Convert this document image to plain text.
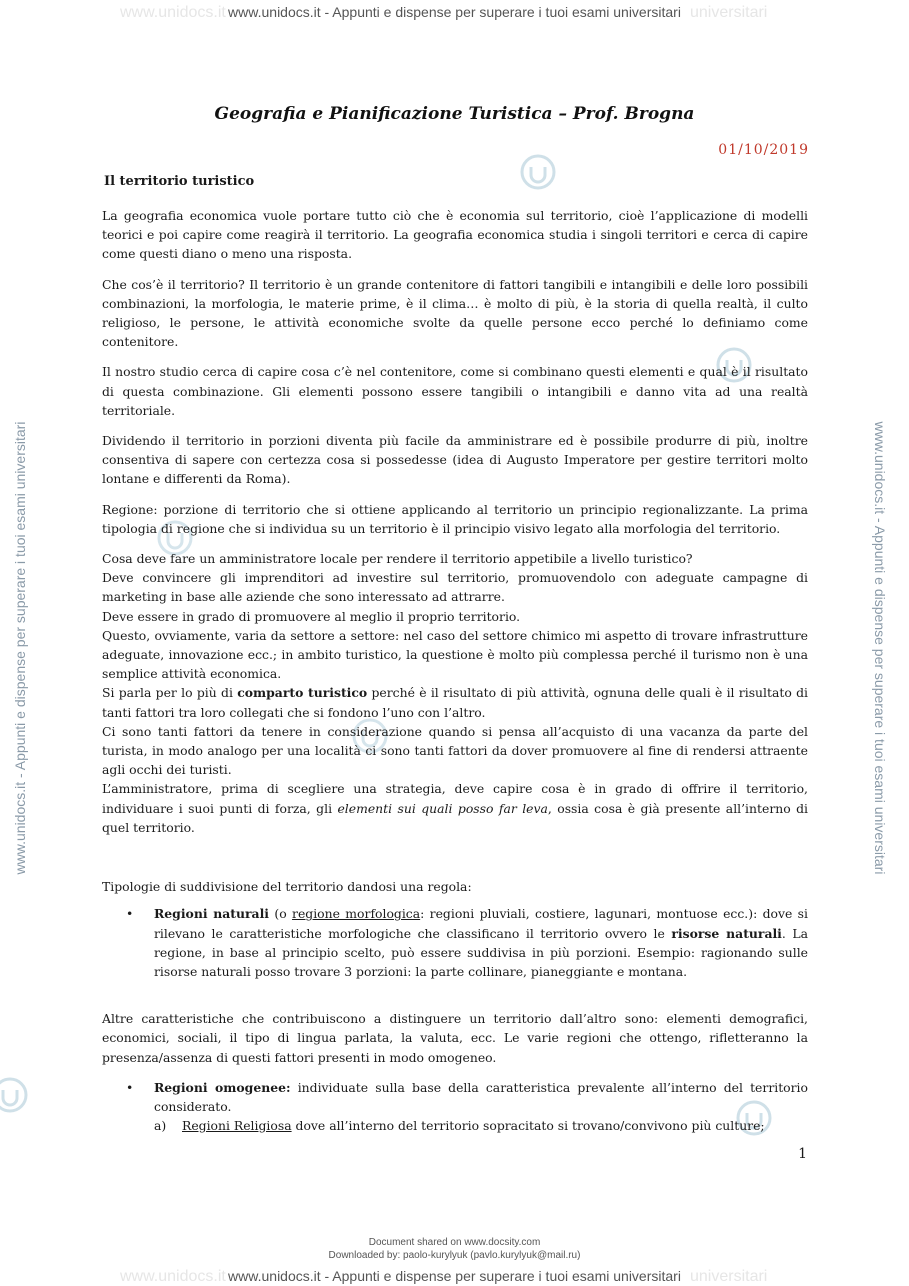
www.unidocs.it	universitari
www.unidocs.it - Appunti e dispense per superare i tuoi esami universitari
www.unidocs.it - Appunti e dispense per superare i tuoi esami universitari	www.unidocs.it - Appunti e dispense per superare i tuoi esami universitari
Geografia e Pianificazione Turistica – Prof. Brogna
01/10/2019
Il territorio turistico

La geografia economica vuole portare tutto ciò che è economia sul territorio, cioè l’applicazione di modelli teorici e poi capire come reagirà il territorio. La geografia economica studia i singoli territori e cerca di capire come questi diano o meno una risposta.

Che cos’è il territorio? Il territorio è un grande contenitore di fattori tangibili e intangibili e delle loro possibili combinazioni, la morfologia, le materie prime, è il clima… è molto di più, è la storia di quella realtà, il culto religioso, le persone, le attività economiche svolte da quelle persone ecco perché lo definiamo come contenitore.

Il nostro studio cerca di capire cosa c’è nel contenitore, come si combinano questi elementi e qual è il risultato di questa combinazione. Gli elementi possono essere tangibili o intangibili e danno vita ad una realtà territoriale.

Dividendo il territorio in porzioni diventa più facile da amministrare ed è possibile produrre di più, inoltre consentiva di sapere con certezza cosa si possedesse (idea di Augusto Imperatore per gestire territori molto lontane e differenti da Roma).

Regione: porzione di territorio che si ottiene applicando al territorio un principio regionalizzante. La prima tipologia di regione che si individua su un territorio è il principio visivo legato alla morfologia del territorio.

Cosa deve fare un amministratore locale per rendere il territorio appetibile a livello turistico?

Deve convincere gli imprenditori ad investire sul territorio, promuovendolo con adeguate campagne di marketing in base alle aziende che sono interessato ad attrarre.

Deve essere in grado di promuovere al meglio il proprio territorio.

Questo, ovviamente, varia da settore a settore: nel caso del settore chimico mi aspetto di trovare infrastrutture adeguate, innovazione ecc.; in ambito turistico, la questione è molto più complessa perché il turismo non è una semplice attività economica.

Si parla per lo più di comparto turistico perché è il risultato di più attività, ognuna delle quali è il risultato di tanti fattori tra loro collegati che si fondono l’uno con l’altro.

Ci sono tanti fattori da tenere in considerazione quando si pensa all’acquisto di una vacanza da parte del turista, in modo analogo per una località ci sono tanti fattori da dover promuovere al fine di rendersi attraente agli occhi dei turisti.

L’amministratore, prima di scegliere una strategia, deve capire cosa è in grado di offrire il territorio, individuare i suoi punti di forza, gli elementi sui quali posso far leva, ossia cosa è già presente all’interno di quel territorio.

Tipologie di suddivisione del territorio dandosi una regola:

• Regioni naturali (o regione morfologica: regioni pluviali, costiere, lagunari, montuose ecc.): dove si rilevano le caratteristiche morfologiche che classificano il territorio ovvero le risorse naturali. La regione, in base al principio scelto, può essere suddivisa in più porzioni. Esempio: ragionando sulle risorse naturali posso trovare 3 porzioni: la parte collinare, pianeggiante e montana.

Altre caratteristiche che contribuiscono a distinguere un territorio dall’altro sono: elementi demografici, economici, sociali, il tipo di lingua parlata, la valuta, ecc. Le varie regioni che ottengo, rifletteranno la presenza/assenza di questi fattori presenti in modo omogeneo.

• Regioni omogenee: individuate sulla base della caratteristica prevalente all’interno del territorio considerato.
a)	Regioni Religiosa dove all’interno del territorio sopracitato si trovano/convivono più culture;
1
Document shared on www.docsity.com
Downloaded by: paolo-kurylyuk (pavlo.kurylyuk@mail.ru)
www.unidocs.it	universitari
www.unidocs.it - Appunti e dispense per superare i tuoi esami universitari
